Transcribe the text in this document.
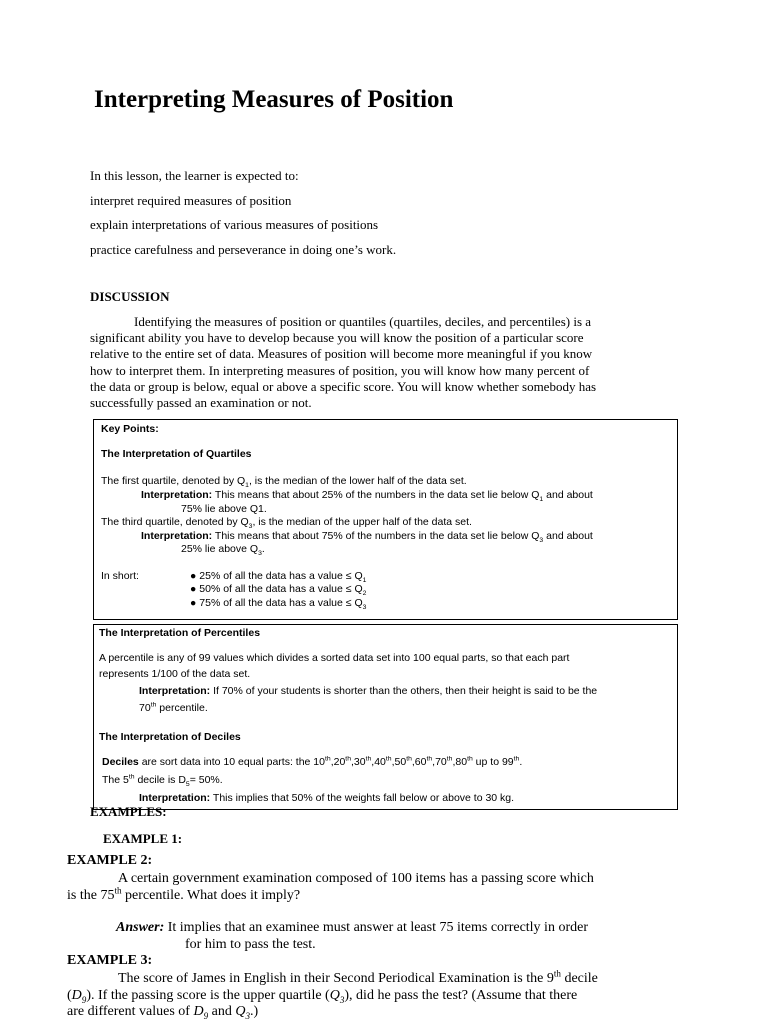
Interpreting Measures of Position
In this lesson, the learner is expected to:
interpret required measures of position
explain interpretations of various measures of positions
practice carefulness and perseverance in doing one’s work.
DISCUSSION
Identifying the measures of position or quantiles (quartiles, deciles, and percentiles) is a
significant ability you have to develop because you will know the position of a particular score
relative to the entire set of data. Measures of position will become more meaningful if you know
how to interpret them. In interpreting measures of position, you will know how many percent of
the data or group is below, equal or above a specific score. You will know whether somebody has
successfully passed an examination or not.
Key Points:
The Interpretation of Quartiles
The first quartile, denoted by $Q_1$, is the median of the lower half of the data set.
Interpretation: This means that about 25% of the numbers in the data set lie below $Q_1$ and about
75% lie above Q1.
The third quartile, denoted by $Q_3$, is the median of the upper half of the data set.
Interpretation: This means that about 75% of the numbers in the data set lie below $Q_3$ and about
25% lie above $Q_3$.
In short:	● 25% of all the data has a value ≤ $Q_1$
● 50% of all the data has a value ≤ $Q_2$
● 75% of all the data has a value ≤ $Q_3$
The Interpretation of Percentiles
A percentile is any of 99 values which divides a sorted data set into 100 equal parts, so that each part
represents 1/100 of the data set.
Interpretation: If 70% of your students is shorter than the others, then their height is said to be the
70th percentile.
The Interpretation of Deciles
Deciles are sort data into 10 equal parts: the 10th,20th,30th,40th,50th,60th,70th,80th up to 99th.
The 5th decile is $D_5= 50\%$.
Interpretation: This implies that 50% of the weights fall below or above to 30 kg.
EXAMPLES:
EXAMPLE 1:
EXAMPLE 2:
A certain government examination composed of 100 items has a passing score which
is the 75th percentile. What does it imply?
Answer: It implies that an examinee must answer at least 75 items correctly in order
for him to pass the test.
EXAMPLE 3:
The score of James in English in their Second Periodical Examination is the 9th decile
$(D_9)$. If the passing score is the upper quartile $(Q_3)$, did he pass the test? (Assume that there
are different values of $D_9$ and $Q_3$.)
